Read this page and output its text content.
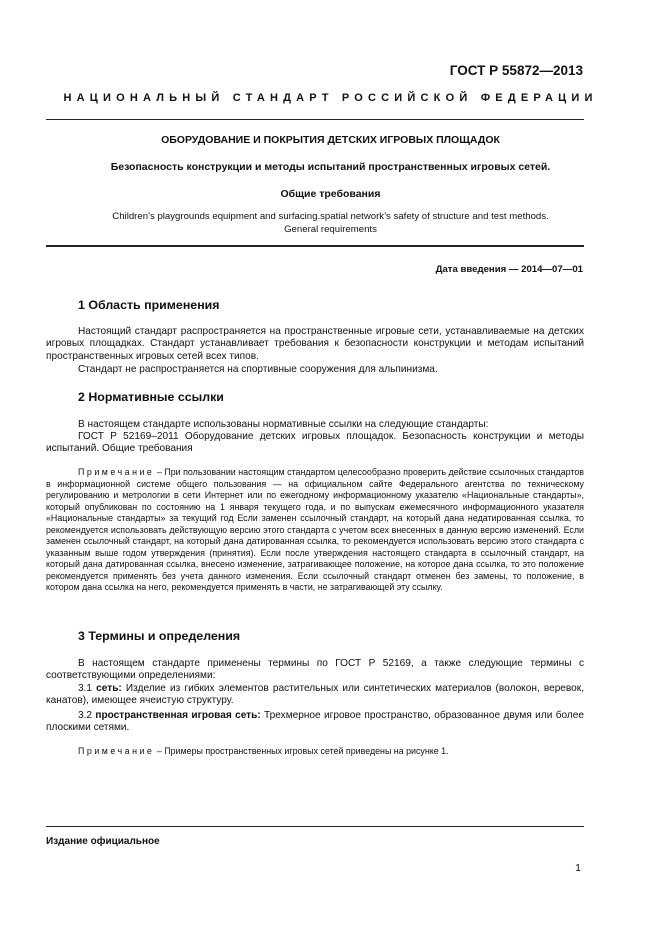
ГОСТ Р 55872—2013
НАЦИОНАЛЬНЫЙ СТАНДАРТ РОССИЙСКОЙ ФЕДЕРАЦИИ
ОБОРУДОВАНИЕ И ПОКРЫТИЯ ДЕТСКИХ ИГРОВЫХ ПЛОЩАДОК
Безопасность конструкции и методы испытаний пространственных игровых сетей.
Общие требования
Children’s playgrounds equipment and surfacing.spatial network’s safety of structure and test methods.
General requirements
Дата введения — 2014—07—01
1 Область применения
Настоящий стандарт распространяется на пространственные игровые сети, устанавливаемые на детских игровых площадках. Стандарт устанавливает требования к безопасности конструкции и методам испытаний пространственных игровых сетей всех типов.
Стандарт не распространяется на спортивные сооружения для альпинизма.
2 Нормативные ссылки
В настоящем стандарте использованы нормативные ссылки на следующие стандарты:
ГОСТ Р 52169–2011 Оборудование детских игровых площадок. Безопасность конструкции и методы испытаний. Общие требования
Примечание – При пользовании настоящим стандартом целесообразно проверить действие ссылочных стандартов в информационной системе общего пользования — на официальном сайте Федерального агентства по техническому регулированию и метрологии в сети Интернет или по ежегодному информационному указателю «Национальные стандарты», который опубликован по состоянию на 1 января текущего года, и по выпускам ежемесячного информационного указателя «Национальные стандарты» за текущий год Если заменен ссылочный стандарт, на который дана недатированная ссылка, то рекомендуется использовать действующую версию этого стандарта с учетом всех внесенных в данную версию изменений. Если заменен ссылочный стандарт, на который дана датированная ссылка, то рекомендуется использовать версию этого стандарта с указанным выше годом утверждения (принятия). Если после утверждения настоящего стандарта в ссылочный стандарт, на который дана датированная ссылка, внесено изменение, затрагивающее положение, на которое дана ссылка, то это положение рекомендуется применять без учета данного изменения. Если ссылочный стандарт отменен без замены, то положение, в котором дана ссылка на него, рекомендуется применять в части, не затрагивающей эту ссылку.
3 Термины и определения
В настоящем стандарте применены термины по ГОСТ Р 52169, а также следующие термины с соответствующими определениями:
3.1 сеть: Изделие из гибких элементов растительных или синтетических материалов (волокон, веревок, канатов), имеющее ячеистую структуру.
3.2 пространственная игровая сеть: Трехмерное игровое пространство, образованное двумя или более плоскими сетями.
Примечание – Примеры пространственных игровых сетей приведены на рисунке 1.
Издание официальное
1
